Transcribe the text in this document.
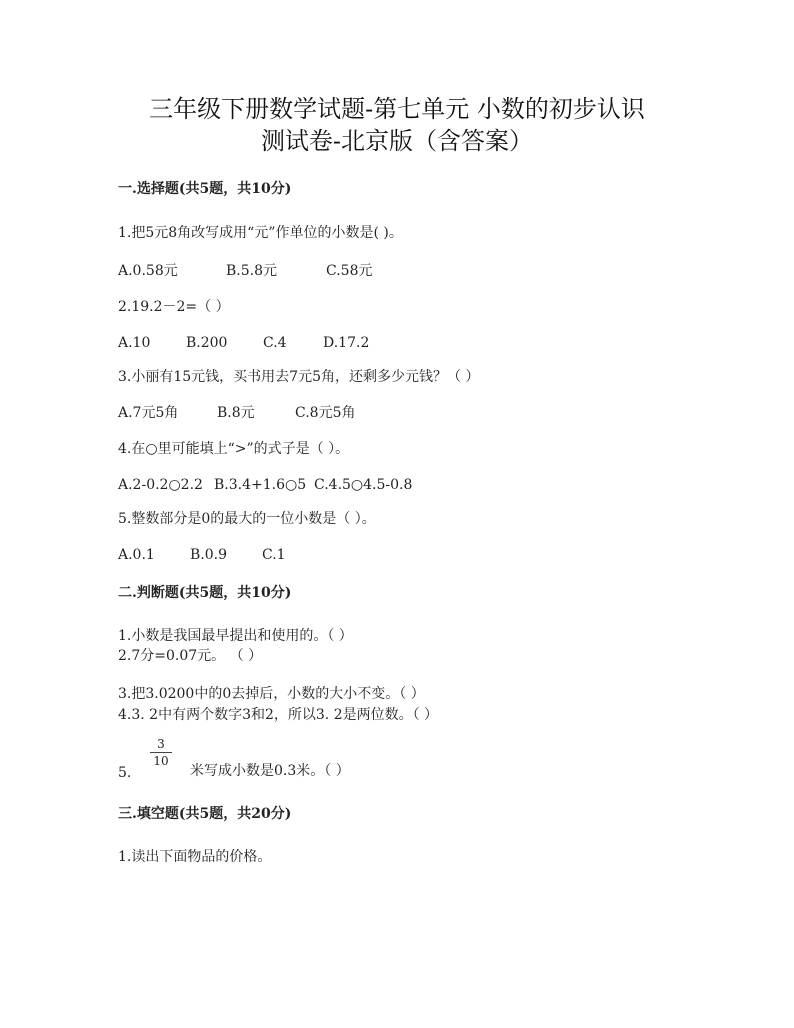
三年级下册数学试题-第七单元 小数的初步认识
测试卷-北京版（含答案）
一.选择题(共5题，共10分)
1.把5元8角改写成用“元”作单位的小数是( )。
A.0.58元	B.5.8元	C.58元
2.19.2－2=（ ）
A.10	B.200	C.4	D.17.2
3.小丽有15元钱，买书用去7元5角，还剩多少元钱？（ ）
A.7元5角	B.8元	C.8元5角
4.在○里可能填上“>”的式子是（ ）。
A.2-0.2○2.2 B.3.4+1.6○5 C.4.5○4.5-0.8
5.整数部分是0的最大的一位小数是（ ）。
A.0.1	B.0.9 C.1
二.判断题(共5题，共10分)
1.小数是我国最早提出和使用的。（ ）
2.7分=0.07元。 （ ）
3.把3.0200中的0去掉后，小数的大小不变。（ ）
4.3. 2中有两个数字3和2，所以3. 2是两位数。（ ）
5.
3
10
米写成小数是0.3米。（ ）
三.填空题(共5题，共20分)
1.读出下面物品的价格。
